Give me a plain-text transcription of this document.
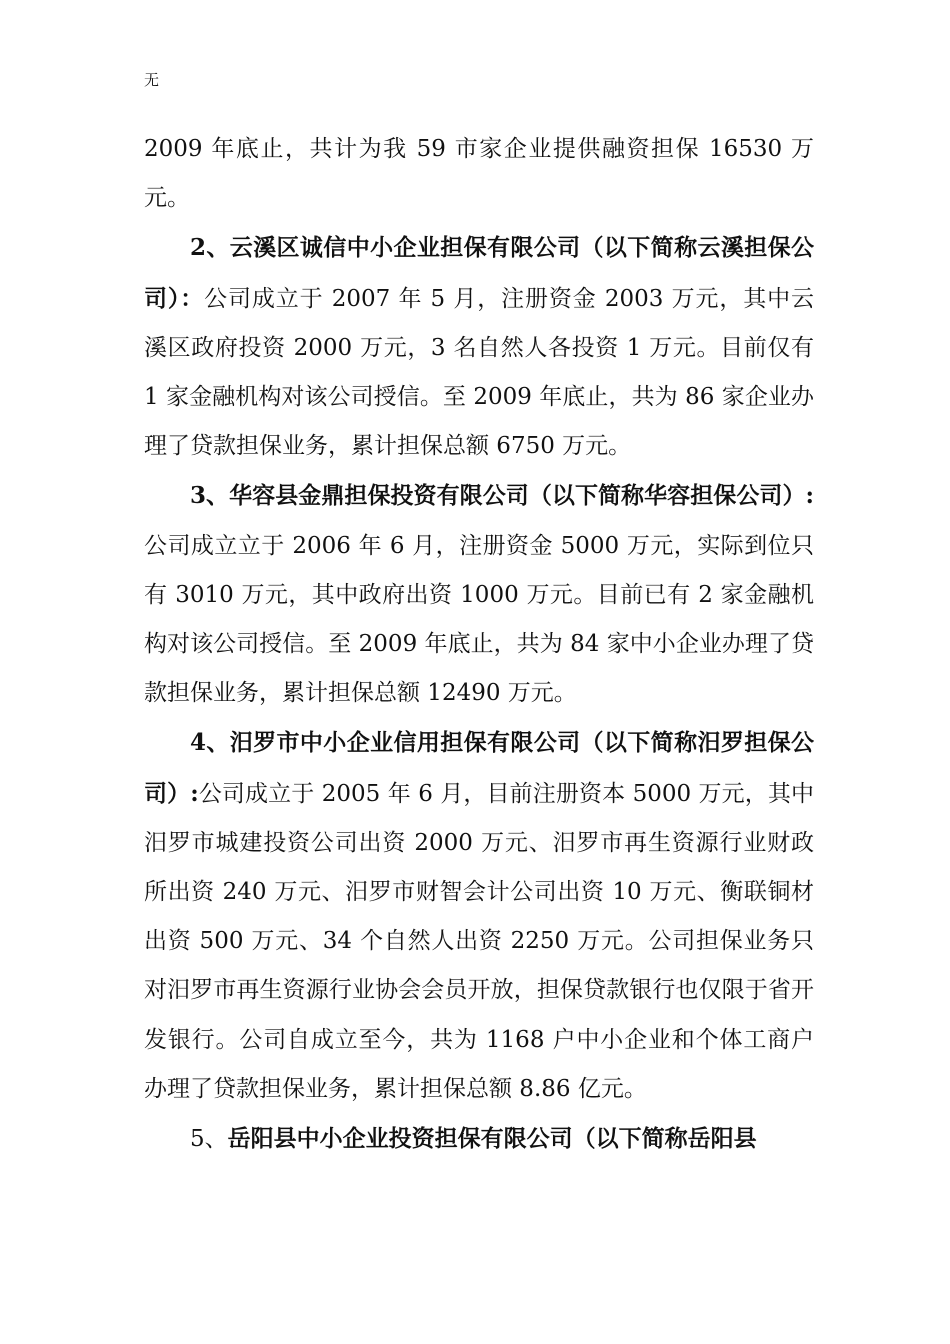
无

2009 年底止，共计为我 59 市家企业提供融资担保 16530 万元。

2、云溪区诚信中小企业担保有限公司（以下简称云溪担保公司）：公司成立于 2007 年 5 月，注册资金 2003 万元，其中云溪区政府投资 2000 万元，3 名自然人各投资 1 万元。目前仅有 1 家金融机构对该公司授信。至 2009 年底止，共为 86 家企业办理了贷款担保业务，累计担保总额 6750 万元。

3、华容县金鼎担保投资有限公司（以下简称华容担保公司）:公司成立立于 2006 年 6 月，注册资金 5000 万元，实际到位只有 3010 万元，其中政府出资 1000 万元。目前已有 2 家金融机构对该公司授信。至 2009 年底止，共为 84 家中小企业办理了贷款担保业务，累计担保总额 12490 万元。

4、汨罗市中小企业信用担保有限公司（以下简称汨罗担保公司）:公司成立于 2005 年 6 月，目前注册资本 5000 万元，其中汨罗市城建投资公司出资 2000 万元、汨罗市再生资源行业财政所出资 240 万元、汨罗市财智会计公司出资 10 万元、衡联铜材出资 500 万元、34 个自然人出资 2250 万元。公司担保业务只对汨罗市再生资源行业协会会员开放，担保贷款银行也仅限于省开发银行。公司自成立至今，共为 1168 户中小企业和个体工商户办理了贷款担保业务，累计担保总额 8.86 亿元。

5、岳阳县中小企业投资担保有限公司（以下简称岳阳县
